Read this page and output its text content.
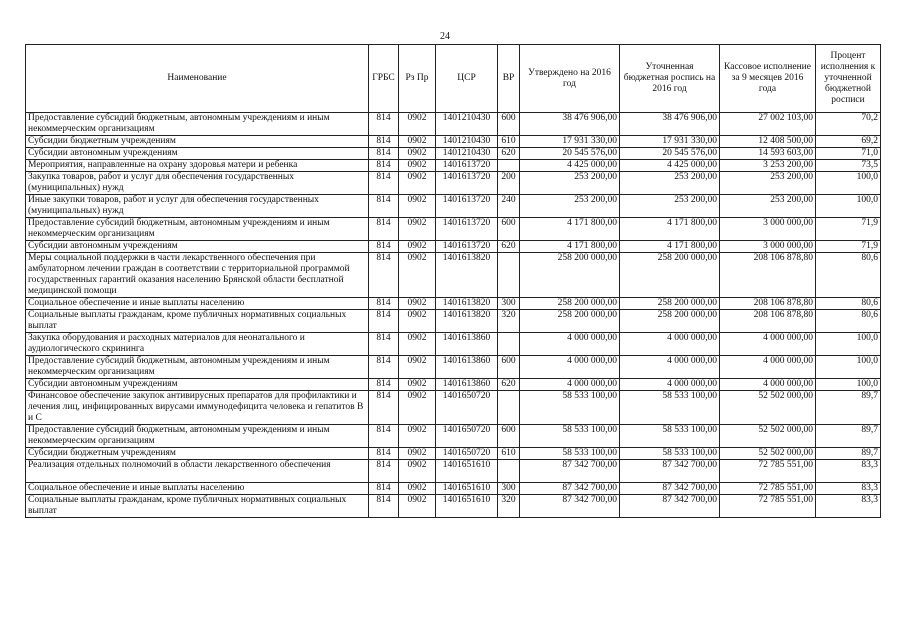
24
Наименование	ГРБС	Рз Пр	ЦСР	ВР	Утверждено на 2016 год	Уточненная бюджетная роспись на 2016 год	Кассовое исполнение за 9 месяцев 2016 года	Процент исполнения к уточненной бюджетной росписи
Предоставление субсидий бюджетным, автономным учреждениям и иным некоммерческим организациям	814	0902	1401210430	600	38 476 906,00	38 476 906,00	27 002 103,00	70,2
Субсидии бюджетным учреждениям	814	0902	1401210430	610	17 931 330,00	17 931 330,00	12 408 500,00	69,2
Субсидии автономным учреждениям	814	0902	1401210430	620	20 545 576,00	20 545 576,00	14 593 603,00	71,0
Мероприятия, направленные на охрану здоровья матери и ребенка	814	0902	1401613720		4 425 000,00	4 425 000,00	3 253 200,00	73,5
Закупка товаров, работ и услуг для обеспечения государственных (муниципальных) нужд	814	0902	1401613720	200	253 200,00	253 200,00	253 200,00	100,0
Иные закупки товаров, работ и услуг для обеспечения государственных (муниципальных) нужд	814	0902	1401613720	240	253 200,00	253 200,00	253 200,00	100,0
Предоставление субсидий бюджетным, автономным учреждениям и иным некоммерческим организациям	814	0902	1401613720	600	4 171 800,00	4 171 800,00	3 000 000,00	71,9
Субсидии автономным учреждениям	814	0902	1401613720	620	4 171 800,00	4 171 800,00	3 000 000,00	71,9
Меры социальной поддержки в части лекарственного обеспечения при амбулаторном лечении граждан в соответствии с территориальной программой государственных гарантий оказания населению Брянской области бесплатной медицинской помощи	814	0902	1401613820		258 200 000,00	258 200 000,00	208 106 878,80	80,6
Социальное обеспечение и иные выплаты населению	814	0902	1401613820	300	258 200 000,00	258 200 000,00	208 106 878,80	80,6
Социальные выплаты гражданам, кроме публичных нормативных социальных выплат	814	0902	1401613820	320	258 200 000,00	258 200 000,00	208 106 878,80	80,6
Закупка оборудования и расходных материалов для неонатального и аудиологического скрининга	814	0902	1401613860		4 000 000,00	4 000 000,00	4 000 000,00	100,0
Предоставление субсидий бюджетным, автономным учреждениям и иным некоммерческим организациям	814	0902	1401613860	600	4 000 000,00	4 000 000,00	4 000 000,00	100,0
Субсидии автономным учреждениям	814	0902	1401613860	620	4 000 000,00	4 000 000,00	4 000 000,00	100,0
Финансовое обеспечение закупок антивирусных препаратов для профилактики и лечения лиц, инфицированных вирусами иммунодефицита человека и гепатитов В и С	814	0902	1401650720		58 533 100,00	58 533 100,00	52 502 000,00	89,7
Предоставление субсидий бюджетным, автономным учреждениям и иным некоммерческим организациям	814	0902	1401650720	600	58 533 100,00	58 533 100,00	52 502 000,00	89,7
Субсидии бюджетным учреждениям	814	0902	1401650720	610	58 533 100,00	58 533 100,00	52 502 000,00	89,7
Реализация отдельных полномочий в области лекарственного обеспечения	814	0902	1401651610		87 342 700,00	87 342 700,00	72 785 551,00	83,3
Социальное обеспечение и иные выплаты населению	814	0902	1401651610	300	87 342 700,00	87 342 700,00	72 785 551,00	83,3
Социальные выплаты гражданам, кроме публичных нормативных социальных выплат	814	0902	1401651610	320	87 342 700,00	87 342 700,00	72 785 551,00	83,3
